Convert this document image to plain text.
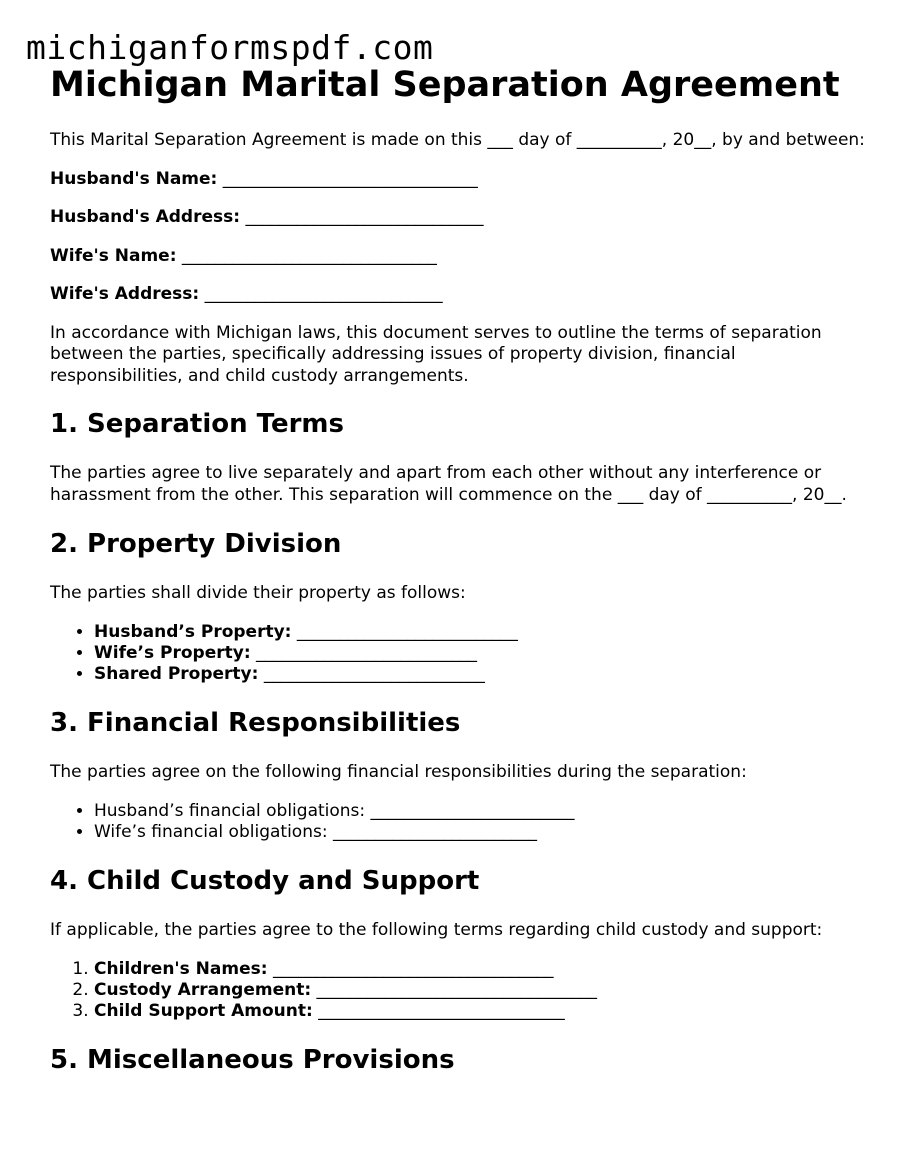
michiganformspdf.com
Michigan Marital Separation Agreement

This Marital Separation Agreement is made on this ___ day of __________, 20__, by and between:

Husband's Name: ______________________________
Husband's Address: ____________________________
Wife's Name: ______________________________
Wife's Address: ____________________________

In accordance with Michigan laws, this document serves to outline the terms of separation between the parties, specifically addressing issues of property division, financial responsibilities, and child custody arrangements.

1. Separation Terms

The parties agree to live separately and apart from each other without any interference or harassment from the other. This separation will commence on the ___ day of __________, 20__.

2. Property Division

The parties shall divide their property as follows:

• Husband’s Property: __________________________
• Wife’s Property: __________________________
• Shared Property: __________________________
3. Financial Responsibilities

The parties agree on the following financial responsibilities during the separation:

• Husband’s financial obligations: ________________________
• Wife’s financial obligations: ________________________
4. Child Custody and Support

If applicable, the parties agree to the following terms regarding child custody and support:

1. Children's Names: _________________________________
2. Custody Arrangement: _________________________________
3. Child Support Amount: _____________________________
5. Miscellaneous Provisions
